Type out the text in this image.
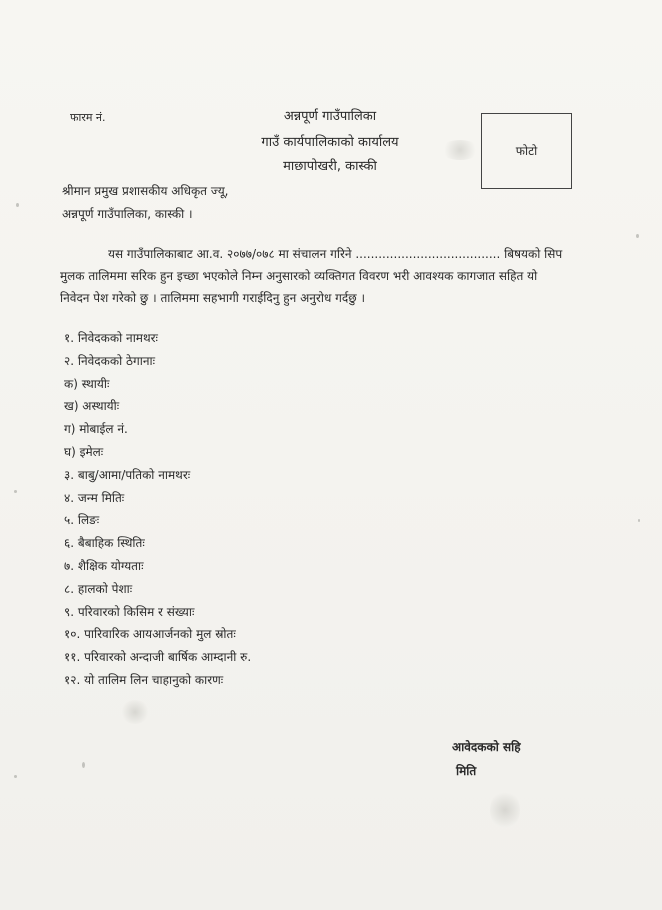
फारम नं.	अन्नपूर्ण गाउँपालिका
गाउँ कार्यपालिकाको कार्यालय
माछापोखरी, कास्की
फोटो
श्रीमान प्रमुख प्रशासकीय अधिकृत ज्यू,
अन्नपूर्ण गाउँपालिका, कास्की ।
यस गाउँपालिकाबाट आ.व. २०७७/०७८ मा संचालन गरिने ...................................... बिषयको सिप
मुलक तालिममा सरिक हुन इच्छा भएकोले निम्न अनुसारको व्यक्तिगत विवरण भरी आवश्यक कागजात सहित यो
निवेदन पेश गरेको छु । तालिममा सहभागी गराईदिनु हुन अनुरोध गर्दछु ।
१. निवेदकको नामथरः
२. निवेदकको ठेगानाः
क) स्थायीः
ख) अस्थायीः
ग) मोबाईल नं.
घ) इमेलः
३. बाबु/आमा/पतिको नामथरः
४. जन्म मितिः
५. लिङः
६. बैबाहिक स्थितिः
७. शैक्षिक योग्यताः
८. हालको पेशाः
९. परिवारको किसिम र संख्याः
१०. पारिवारिक आयआर्जनको मुल स्रोतः
११. परिवारको अन्दाजी बार्षिक आम्दानी रु.
१२. यो तालिम लिन चाहानुको कारणः
आवेदकको सहि
मिति
